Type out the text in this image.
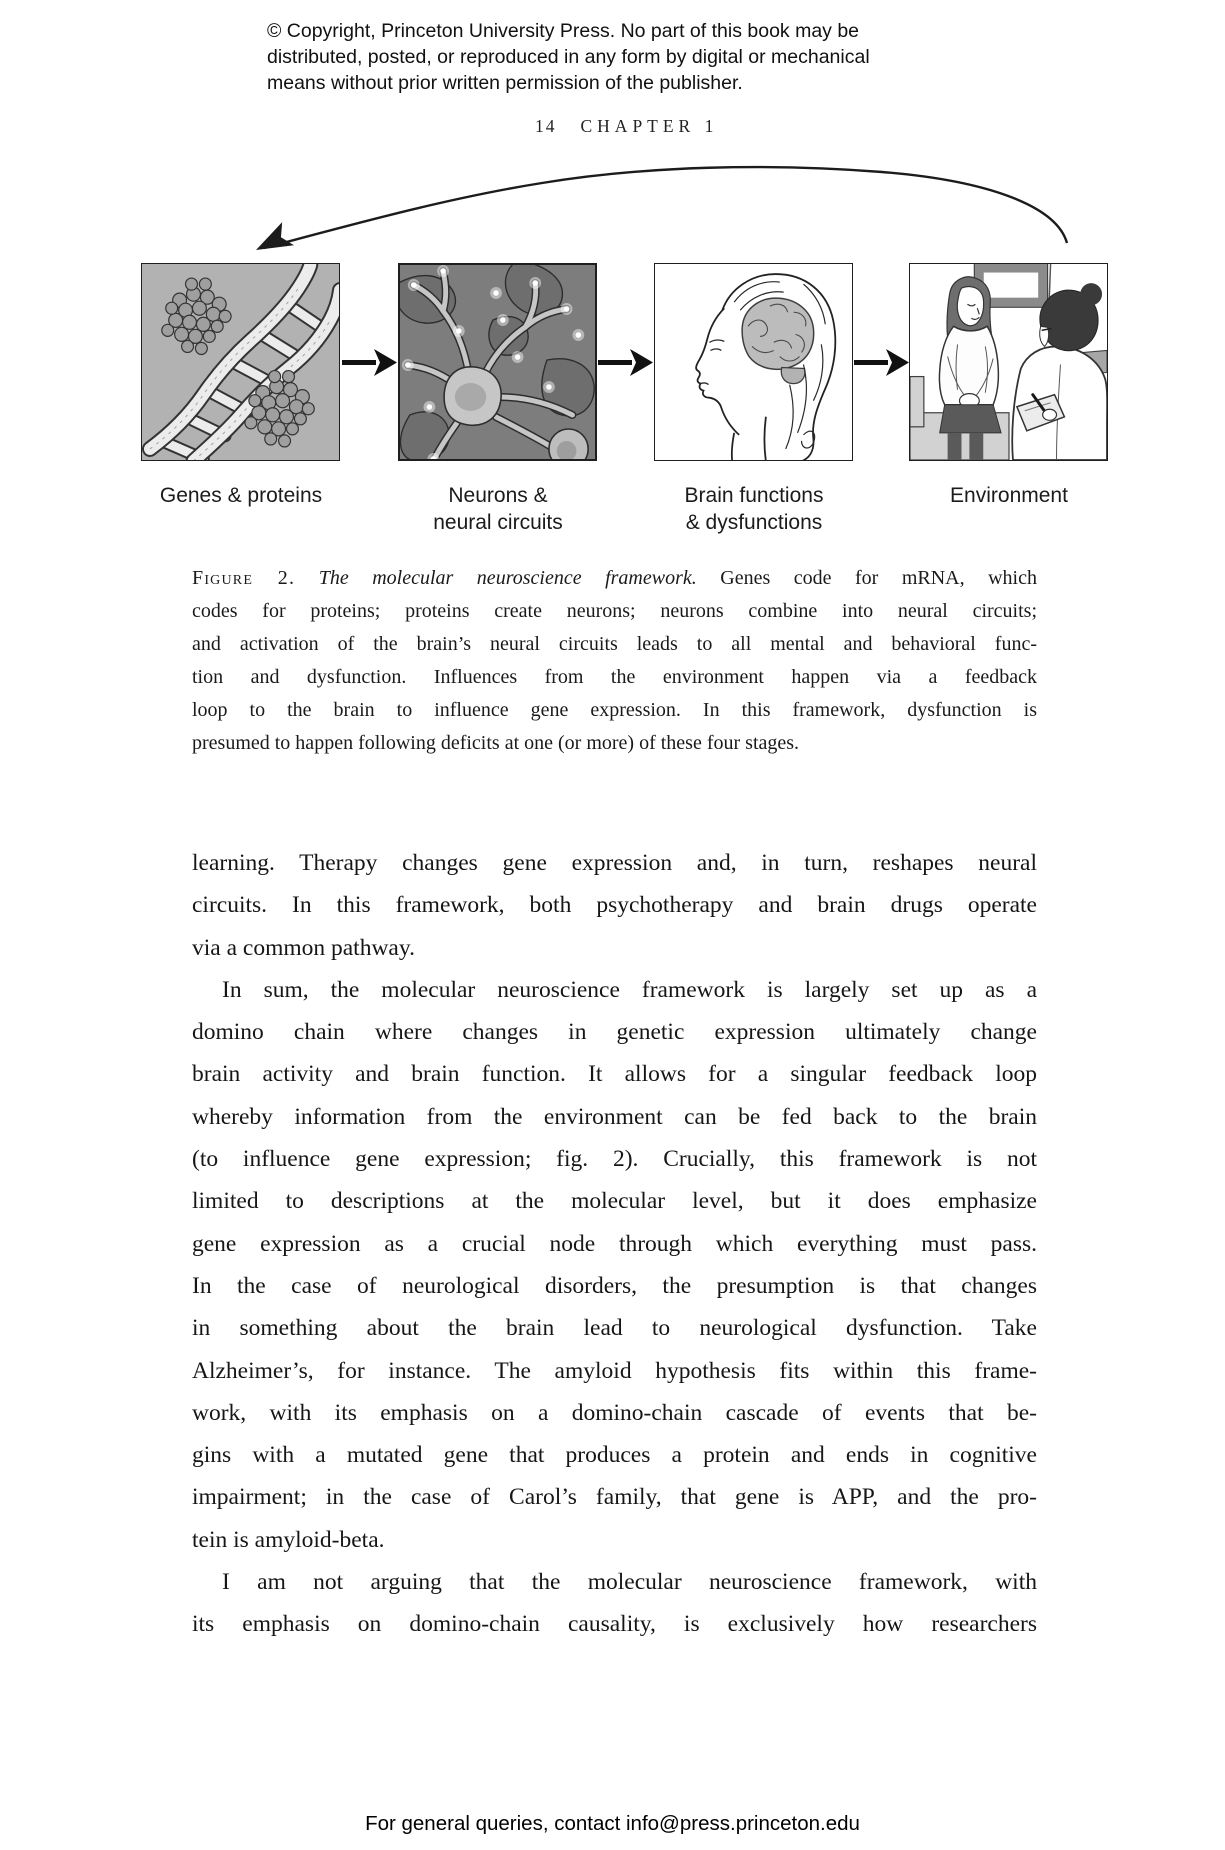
© Copyright, Princeton University Press. No part of this book may be
distributed, posted, or reproduced in any form by digital or mechanical
means without prior written permission of the publisher.
14 CHAPTER 1
Genes & proteins	Neurons &
neural circuits
Brain functions
& dysfunctions
Environment
Figure 2. The molecular neuroscience framework. Genes code for mRNA, which
codes for proteins; proteins create neurons; neurons combine into neural circuits;
and activation of the brain’s neural circuits leads to all mental and behavioral func-
tion and dysfunction. Influences from the environment happen via a feedback
loop to the brain to influence gene expression. In this framework, dysfunction is
presumed to happen following deficits at one (or more) of these four stages.
learning. Therapy changes gene expression and, in turn, reshapes neural
circuits. In this framework, both psychotherapy and brain drugs operate
via a common pathway.
In sum, the molecular neuroscience framework is largely set up as a
domino chain where changes in genetic expression ultimately change
brain activity and brain function. It allows for a singular feedback loop
whereby information from the environment can be fed back to the brain
(to influence gene expression; fig. 2). Crucially, this framework is not
limited to descriptions at the molecular level, but it does emphasize
gene expression as a crucial node through which everything must pass.
In the case of neurological disorders, the presumption is that changes
in something about the brain lead to neurological dysfunction. Take
Alzheimer’s, for instance. The amyloid hypothesis fits within this frame-
work, with its emphasis on a domino-chain cascade of events that be-
gins with a mutated gene that produces a protein and ends in cognitive
impairment; in the case of Carol’s family, that gene is APP, and the pro-
tein is amyloid-beta.
I am not arguing that the molecular neuroscience framework, with
its emphasis on domino-chain causality, is exclusively how researchers
For general queries, contact info@press.princeton.edu
